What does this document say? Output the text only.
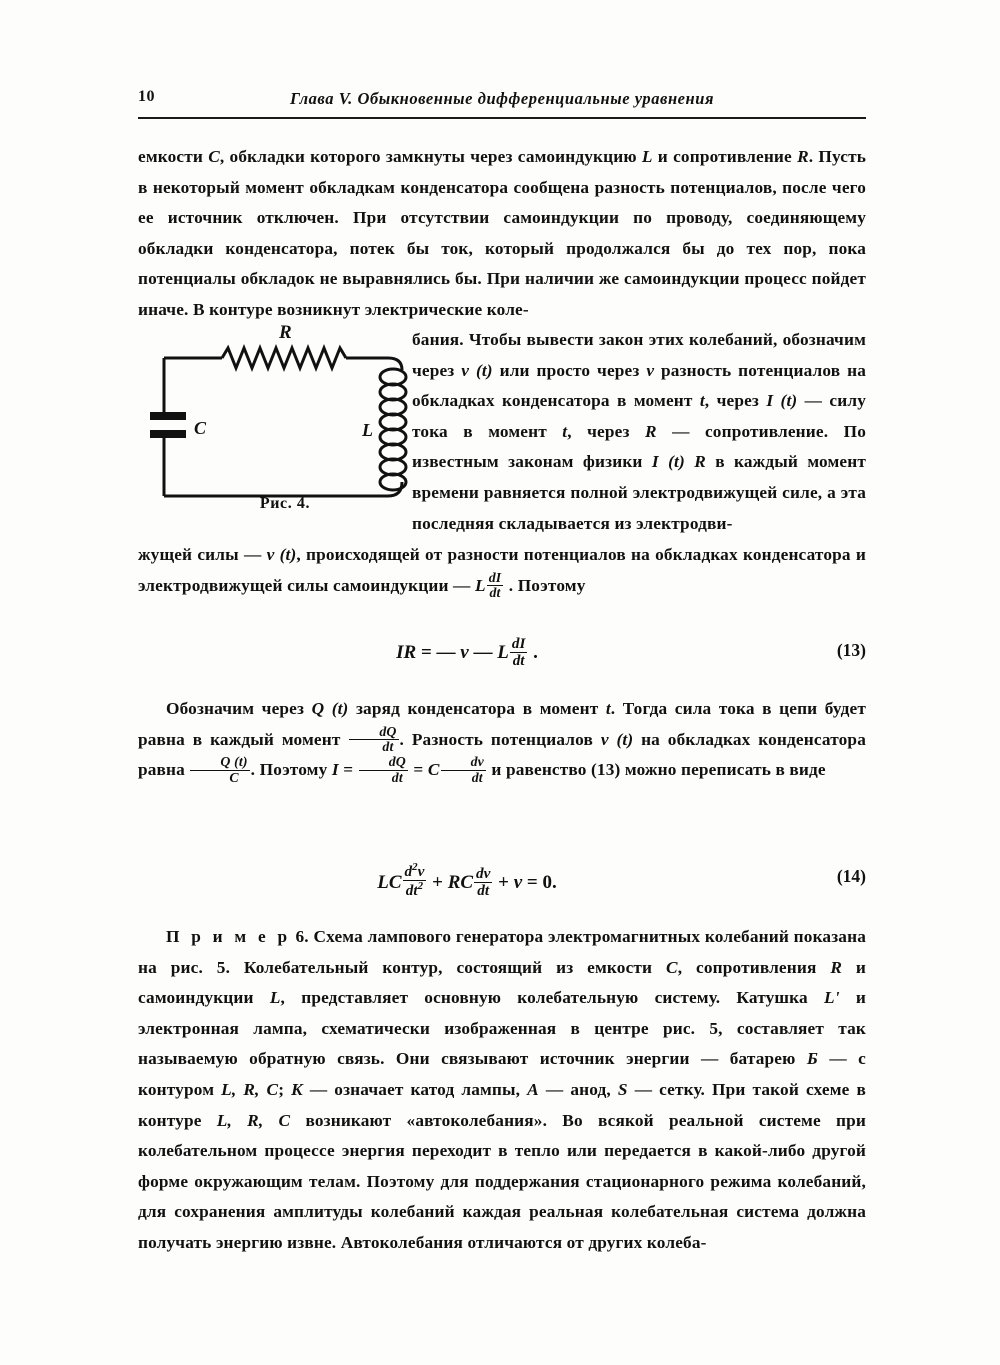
10	Глава V. Обыкновенные дифференциальные уравнения

емкости C, обкладки которого замкнуты через самоиндукцию L и сопротивление R. Пусть в некоторый момент обкладкам конденсатора сообщена разность потенциалов, после чего ее источник отключен. При отсутствии самоиндукции по проводу, соединяющему обкладки конденсатора, потек бы ток, который продолжался бы до тех пор, пока потенциалы обкладок не выравнялись бы. При наличии же самоиндукции процесс пойдет иначе. В контуре возникнут электрические коле-

R
C	L
Рис. 4.

бания. Чтобы вывести закон этих колебаний, обозначим через v (t) или просто через v разность потенциалов на обкладках конденсатора в момент t, через I (t) — силу тока в момент t, через R — сопротивление. По известным законам физики I (t) R в каждый момент времени равняется полной электродвижущей силе, а эта последняя складывается из электродви-

жущей силы — v (t), происходящей от разности потенциалов на обкладках конденсатора и электродвижущей силы самоиндукции — L $\frac{dI}{dt}$ . Поэтому

IR = — v — L $\frac{dI}{dt}$ .	(13)

Обозначим через Q (t) заряд конденсатора в момент t. Тогда сила тока в цепи будет равна в каждый момент $\frac{dQ}{dt}$ . Разность потенциалов v (t) на обкладках конденсатора равна $\frac{Q (t)}{C}$ . Поэтому $I = \frac{dQ}{dt} = C \frac{dv}{dt}$ и равенство (13) можно переписать в виде

LC $\frac{d^2v}{dt^2}$ + RC $\frac{dv}{dt} + v = 0$.	(14)

П р и м е р 6. Схема лампового генератора электромагнитных колебаний показана на рис. 5. Колебательный контур, состоящий из емкости C, сопротивления R и самоиндукции L, представляет основную колебательную систему. Катушка L' и электронная лампа, схематически изображенная в центре рис. 5, составляет так называемую обратную связь. Они связывают источник энергии — батарею Б — с контуром L, R, C; K — означает катод лампы, A — анод, S — сетку. При такой схеме в контуре L, R, C возникают «автоколебания». Во всякой реальной системе при колебательном процессе энергия переходит в тепло или передается в какой-либо другой форме окружающим телам. Поэтому для поддержания стационарного режима колебаний, для сохранения амплитуды колебаний каждая реальная колебательная система должна получать энергию извне. Автоколебания отличаются от других колеба-
